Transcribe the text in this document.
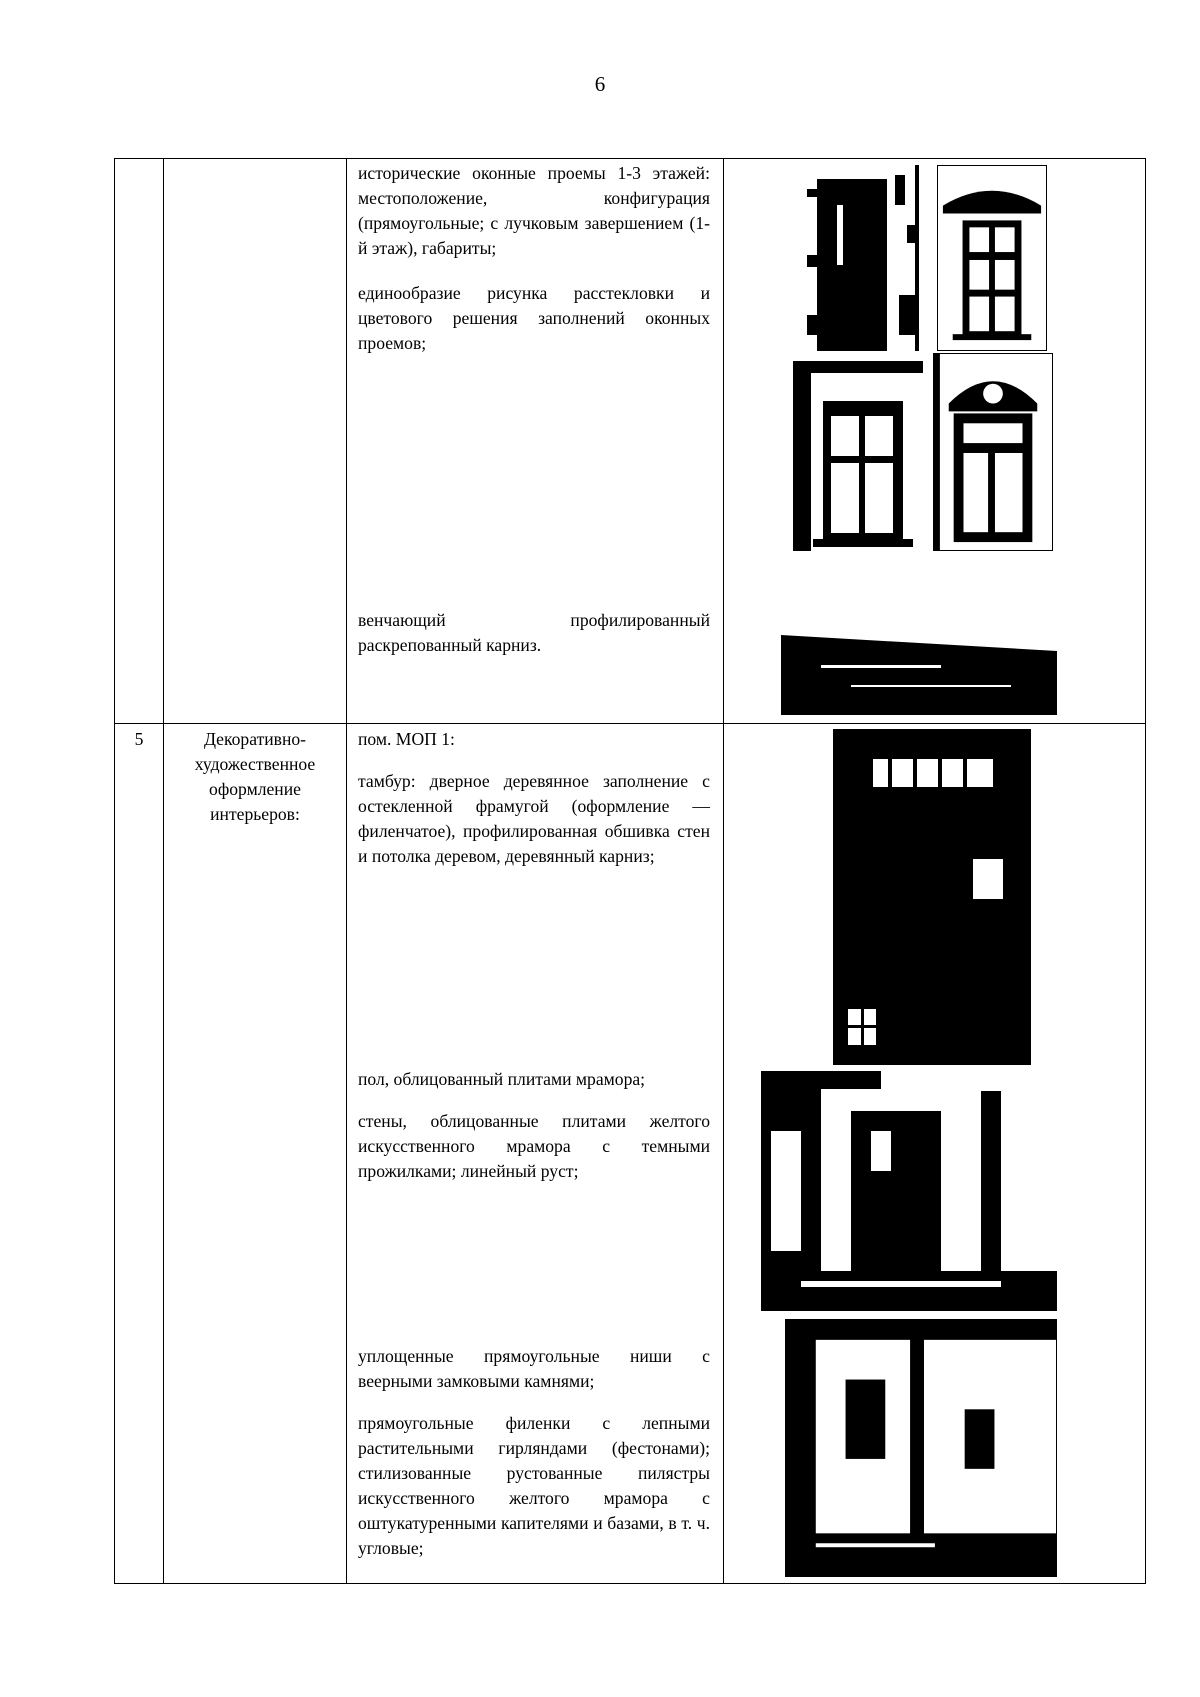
6
исторические оконные проемы 1-3 этажей: местоположение, конфигурация (прямоугольные; с лучковым завершением (1-й этаж), габариты;
единообразие рисунка расстекловки и цветового решения заполнений оконных проемов;
венчающий профилированный раскрепованный карниз.
5	Декоративно-художественное оформление интерьеров:
пом. МОП 1:
тамбур: дверное деревянное заполнение с остекленной фрамугой (оформление — филенчатое), профилированная обшивка стен и потолка деревом, деревянный карниз;
пол, облицованный плитами мрамора;
стены, облицованные плитами желтого искусственного мрамора с темными прожилками; линейный руст;
уплощенные прямоугольные ниши с веерными замковыми камнями;
прямоугольные филенки с лепными растительными гирляндами (фестонами); стилизованные рустованные пилястры искусственного желтого мрамора с оштукатуренными капителями и базами, в т. ч. угловые;
